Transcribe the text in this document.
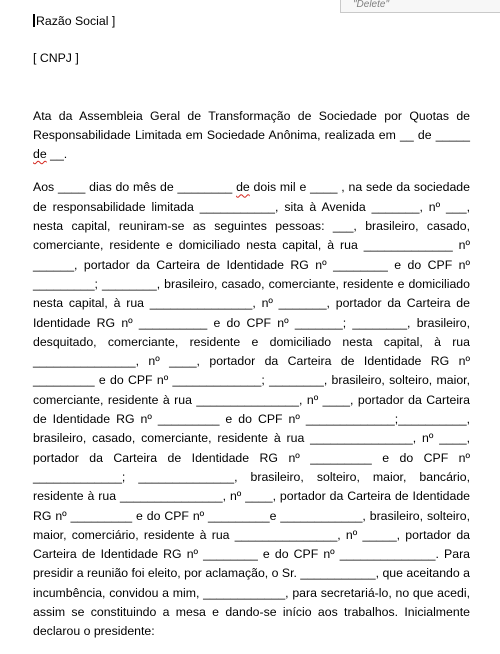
"Delete"

Razão Social ]

[ CNPJ ]

Ata da Assembleia Geral de Transformação de Sociedade por Quotas de Responsabilidade Limitada em Sociedade Anônima, realizada em __ de _____ de __.

Aos ____ dias do mês de ________ de dois mil e ____ , na sede da sociedade de responsabilidade limitada ___________, sita à Avenida _______, nº ___, nesta capital, reuniram-se as seguintes pessoas: ___, brasileiro, casado, comerciante, residente e domiciliado nesta capital, à rua _____________ nº ______, portador da Carteira de Identidade RG nº ________ e do CPF nº _________; ________, brasileiro, casado, comerciante, residente e domiciliado nesta capital, à rua _______________, nº _______, portador da Carteira de Identidade RG nº __________ e do CPF nº _______; ________, brasileiro, desquitado, comerciante, residente e domiciliado nesta capital, à rua _______________, nº ____, portador da Carteira de Identidade RG nº _________ e do CPF nº _____________; ________, brasileiro, solteiro, maior, comerciante, residente à rua _______________, nº ____, portador da Carteira de Identidade RG nº _________ e do CPF nº _____________;__________, brasileiro, casado, comerciante, residente à rua _______________, nº ____, portador da Carteira de Identidade RG nº _________ e do CPF nº _____________; ______________, brasileiro, solteiro, maior, bancário, residente à rua _______________, nº ____, portador da Carteira de Identidade RG nº _________ e do CPF nº _________e ____________, brasileiro, solteiro, maior, comerciário, residente à rua _______________, nº _____, portador da Carteira de Identidade RG nº ________ e do CPF nº ______________. Para presidir a reunião foi eleito, por aclamação, o Sr. ___________, que aceitando a incumbência, convidou a mim, ____________, para secretariá-lo, no que acedi, assim se constituindo a mesa e dando-se início aos trabalhos. Inicialmente declarou o presidente:
